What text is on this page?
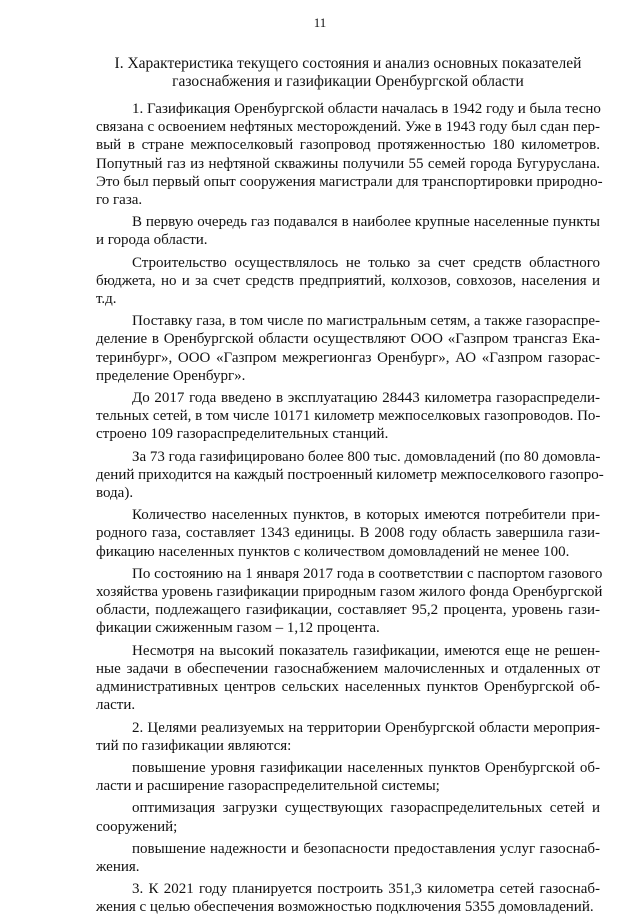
11
I. Характеристика текущего состояния и анализ основных показателей
газоснабжения и газификации Оренбургской области

1. Газификация Оренбургской области началась в 1942 году и была тесно
связана с освоением нефтяных месторождений. Уже в 1943 году был сдан пер-
вый в стране межпоселковый газопровод протяженностью 180 километров.
Попутный газ из нефтяной скважины получили 55 семей города Бугуруслана.
Это был первый опыт сооружения магистрали для транспортировки природно-
го газа.

В первую очередь газ подавался в наиболее крупные населенные пункты
и города области.

Строительство осуществлялось не только за счет средств областного
бюджета, но и за счет средств предприятий, колхозов, совхозов, населения и
т.д.

Поставку газа, в том числе по магистральным сетям, а также газораспре-
деление в Оренбургской области осуществляют ООО «Газпром трансгаз Ека-
теринбург», ООО «Газпром межрегионгаз Оренбург», АО «Газпром газорас-
пределение Оренбург».

До 2017 года введено в эксплуатацию 28443 километра газораспредели-
тельных сетей, в том числе 10171 километр межпоселковых газопроводов. По-
строено 109 газораспределительных станций.

За 73 года газифицировано более 800 тыс. домовладений (по 80 домовла-
дений приходится на каждый построенный километр межпоселкового газопро-
вода).

Количество населенных пунктов, в которых имеются потребители при-
родного газа, составляет 1343 единицы. В 2008 году область завершила гази-
фикацию населенных пунктов с количеством домовладений не менее 100.

По состоянию на 1 января 2017 года в соответствии с паспортом газового
хозяйства уровень газификации природным газом жилого фонда Оренбургской
области, подлежащего газификации, составляет 95,2 процента, уровень гази-
фикации сжиженным газом – 1,12 процента.

Несмотря на высокий показатель газификации, имеются еще не решен-
ные задачи в обеспечении газоснабжением малочисленных и отдаленных от
административных центров сельских населенных пунктов Оренбургской об-
ласти.

2. Целями реализуемых на территории Оренбургской области мероприя-
тий по газификации являются:

повышение уровня газификации населенных пунктов Оренбургской об-
ласти и расширение газораспределительной системы;

оптимизация загрузки существующих газораспределительных сетей и
сооружений;

повышение надежности и безопасности предоставления услуг газоснаб-
жения.

3. К 2021 году планируется построить 351,3 километра сетей газоснаб-
жения с целью обеспечения возможностью подключения 5355 домовладений.
